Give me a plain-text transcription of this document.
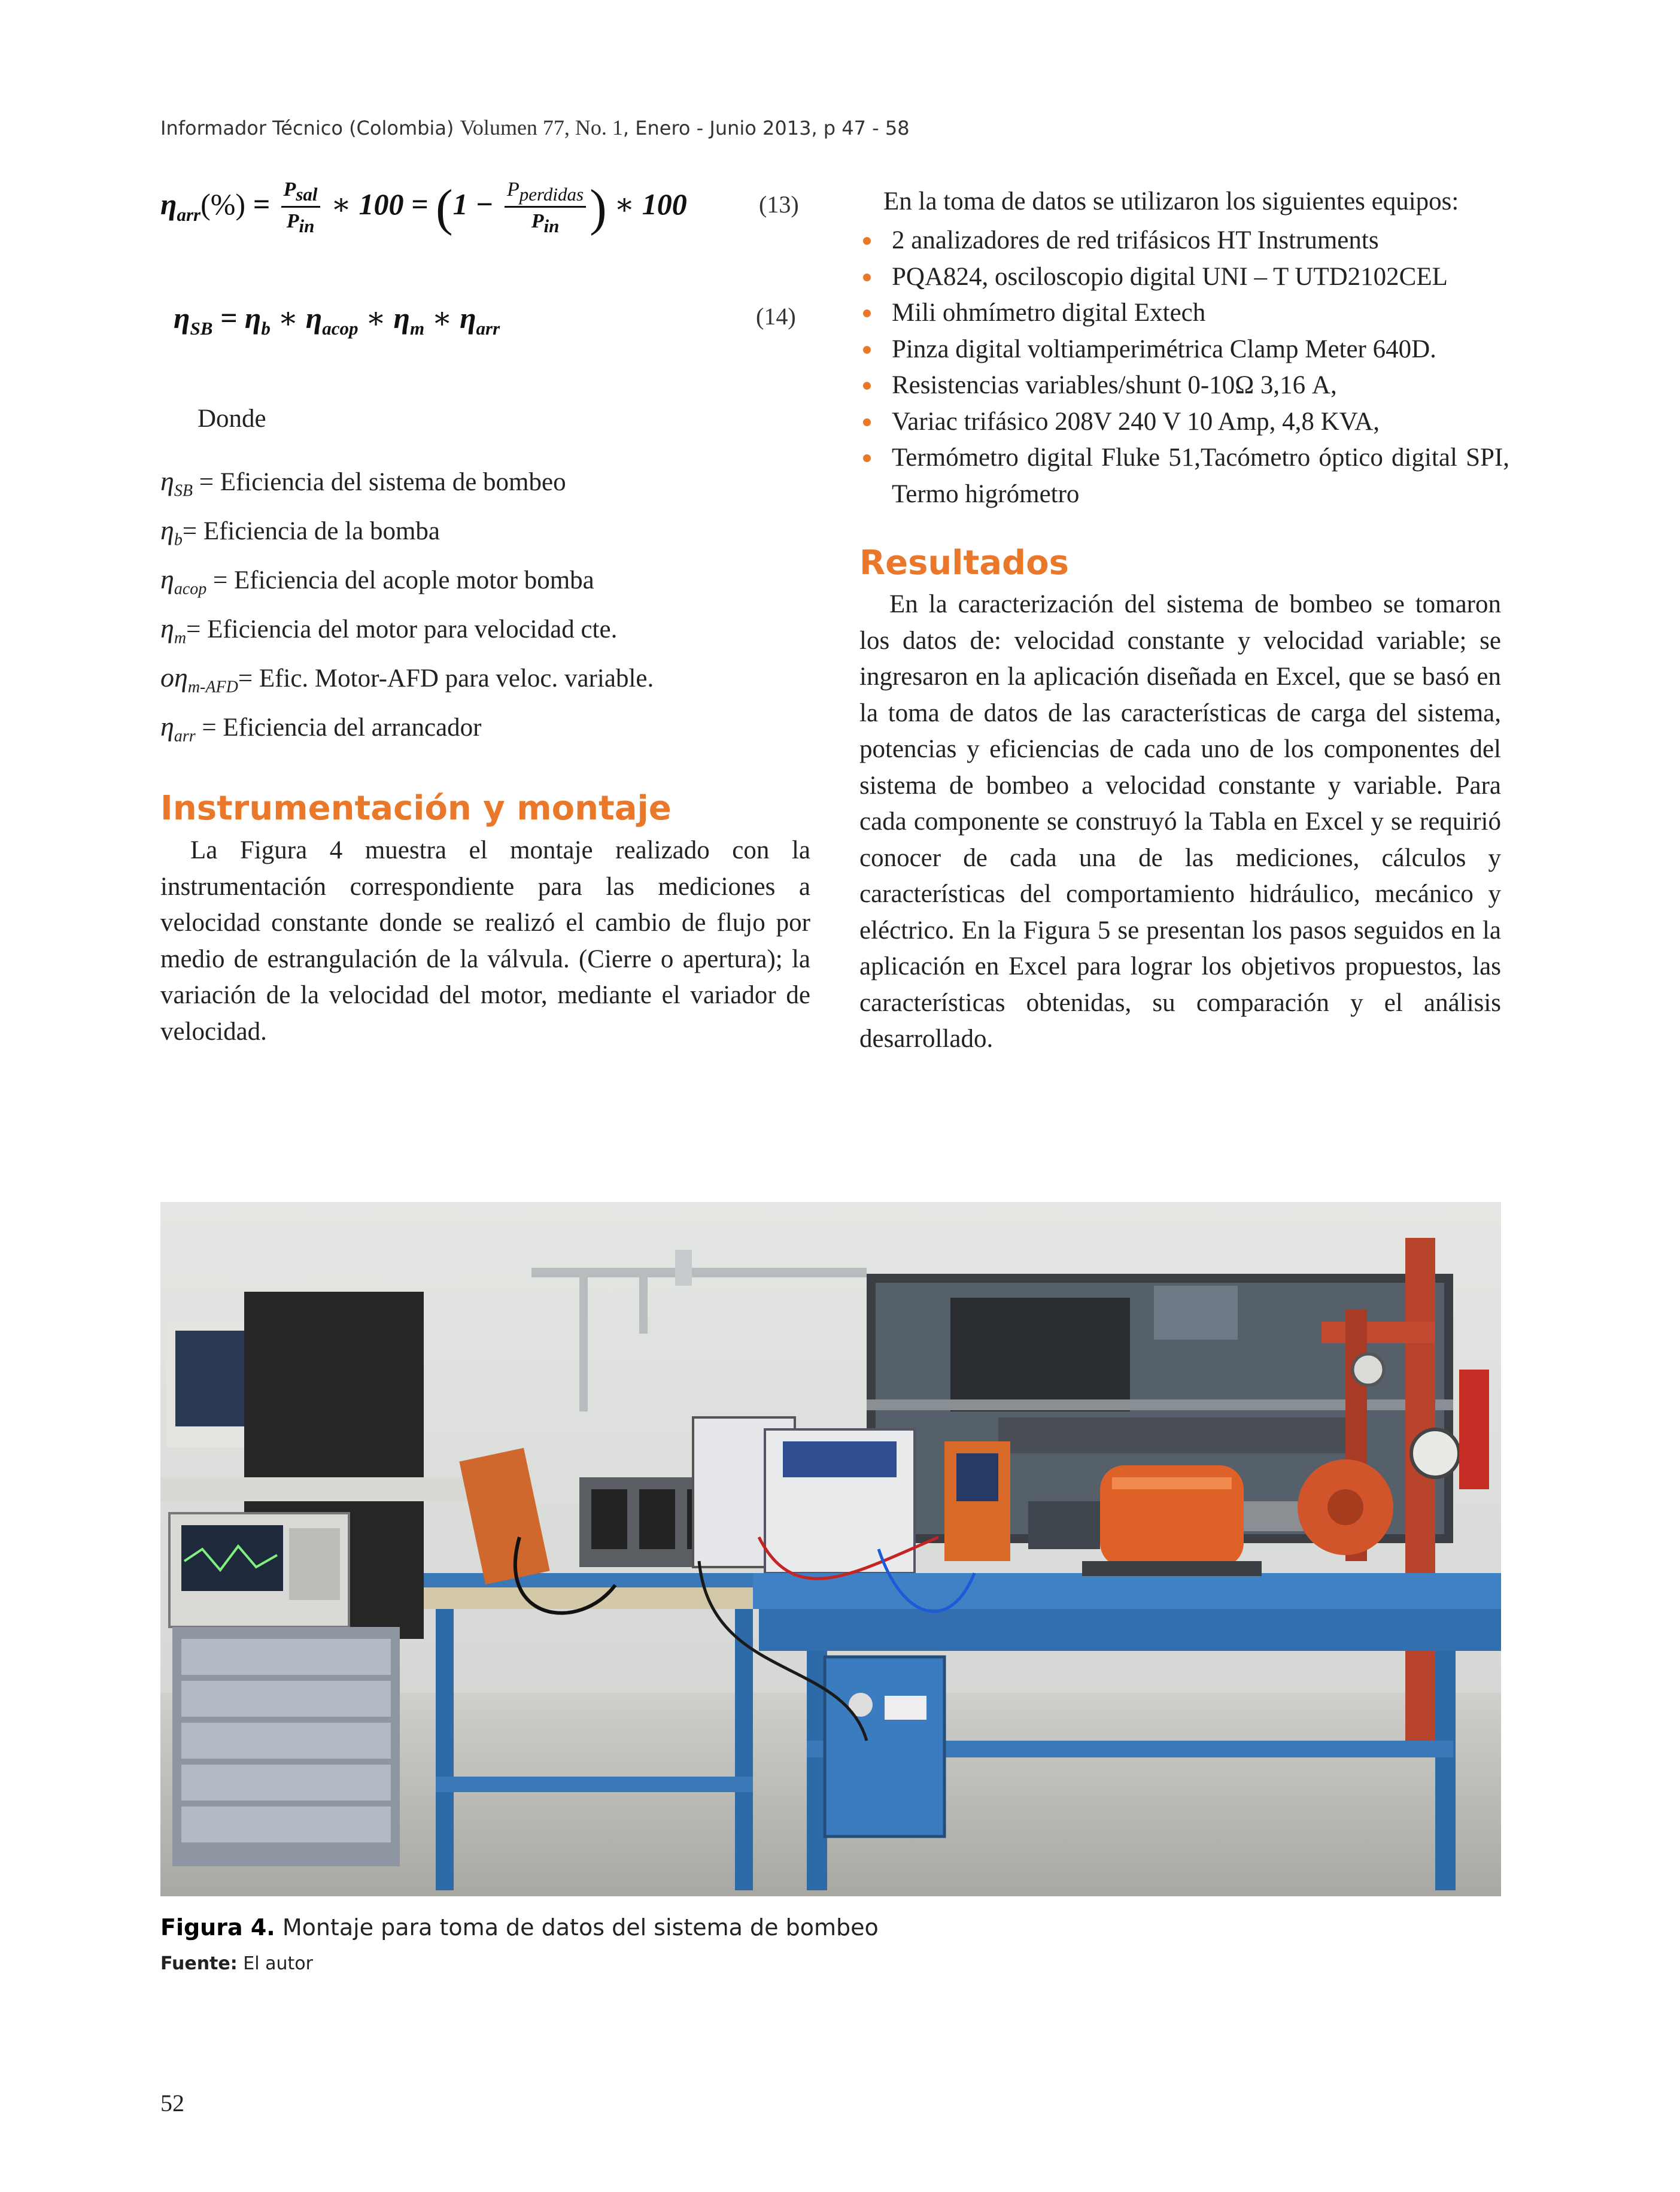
Informador Técnico (Colombia) Volumen 77, No. 1, Enero - Junio 2013, p 47 - 58
$\eta_{arr}(\%) = \frac{P_{sal}}{P_{in}}$ ∗ $100 = (1 - \frac{P_{perdidas}}{P_{in}}$ ) ∗ 100	(13)
$\eta_{SB} = \eta_b$ ∗ $\eta_{acop}$ ∗ $\eta_m$ ∗ $\eta_{arr}$	(14)
Donde
$\eta_{SB}$ = Eficiencia del sistema de bombeo
$\eta_b=$ Eficiencia de la bomba
$\eta_{acop}$ = Eficiencia del acople motor bomba
$\eta_m=$ Eficiencia del motor para velocidad cte.
$o\eta_{m-AFD}=$ Efic. Motor-AFD para veloc. variable.
$\eta_{arr}$ = Eficiencia del arrancador
Instrumentación y montaje

La Figura 4 muestra el montaje realizado con la instrumentación correspondiente para las mediciones a velocidad constante donde se realizó el cambio de flujo por medio de estrangulación de la válvula. (Cierre o apertura); la variación de la velocidad del motor, mediante el variador de velocidad.

En la toma de datos se utilizaron los siguientes equipos:
2 analizadores de red trifásicos HT Instruments
PQA824, osciloscopio digital UNI – T UTD2102CEL
Mili ohmímetro digital Extech
Pinza digital voltiamperimétrica Clamp Meter 640D.
Resistencias variables/shunt 0-10Ω 3,16 A,
Variac trifásico 208V 240 V 10 Amp, 4,8 KVA,
Termómetro digital Fluke 51,Tacómetro óptico digital SPI, Termo higrómetro
Resultados

En la caracterización del sistema de bombeo se tomaron los datos de: velocidad constante y velocidad variable; se ingresaron en la aplicación diseñada en Excel, que se basó en la toma de datos de las características de carga del sistema, potencias y eficiencias de cada uno de los componentes del sistema de bombeo a velocidad constante y variable. Para cada componente se construyó la Tabla en Excel y se requirió conocer de cada una de las mediciones, cálculos y características del comportamiento hidráulico, mecánico y eléctrico. En la Figura 5 se presentan los pasos seguidos en la aplicación en Excel para lograr los objetivos propuestos, las características obtenidas, su comparación y el análisis desarrollado.

Figura 4. Montaje para toma de datos del sistema de bombeo
Fuente: El autor
52
